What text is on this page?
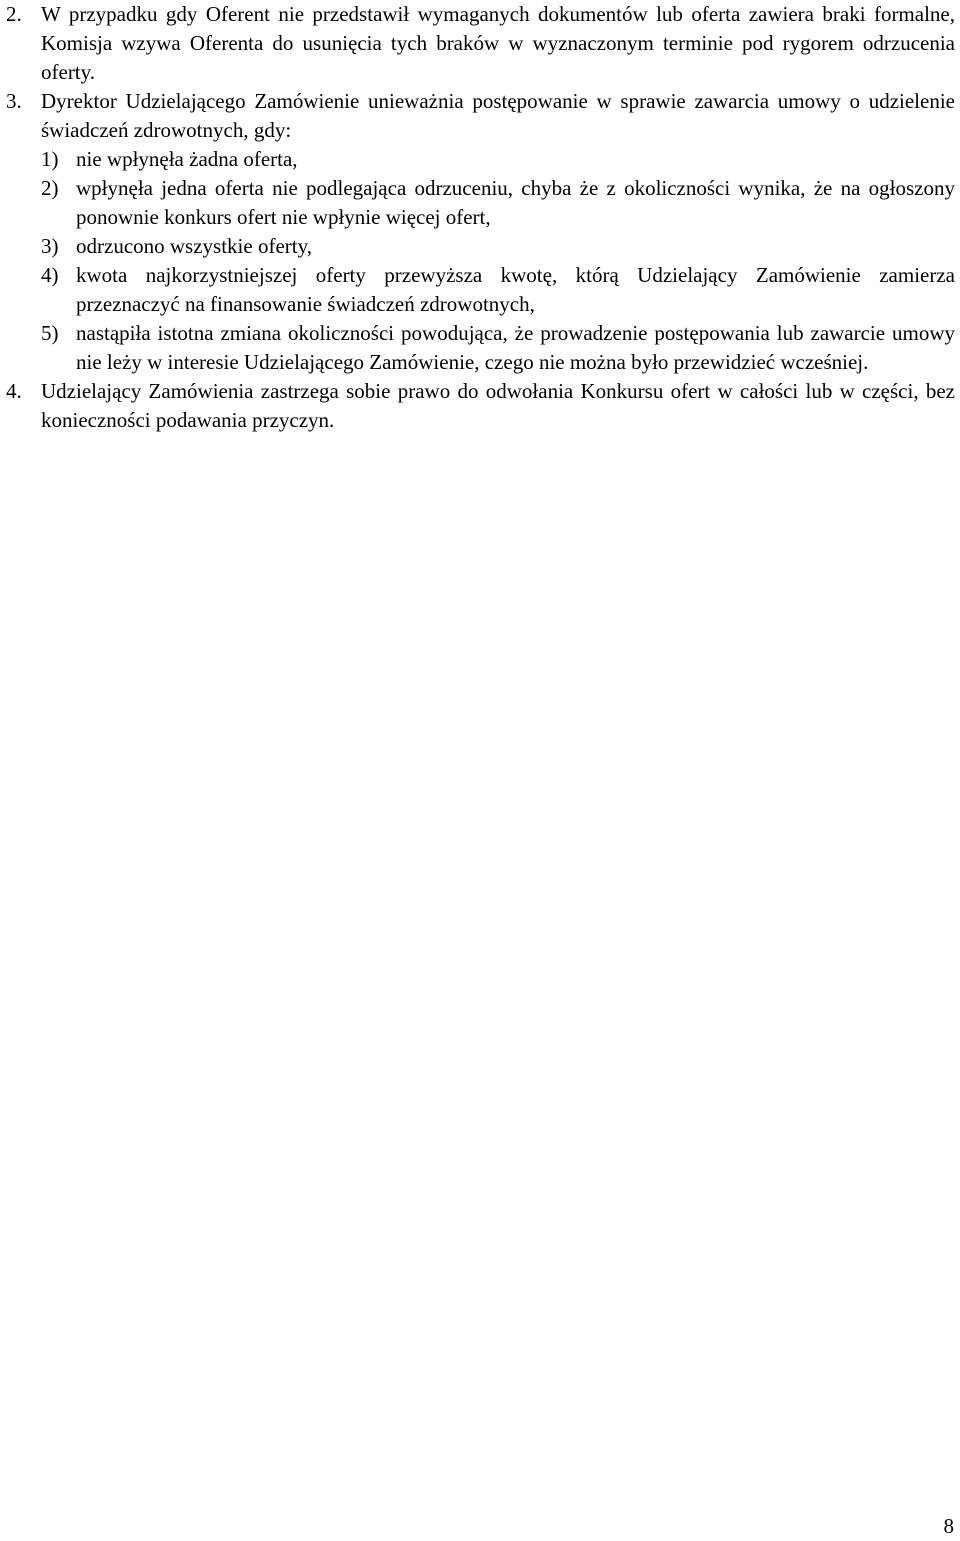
2. W przypadku gdy Oferent nie przedstawił wymaganych dokumentów lub oferta zawiera braki formalne, Komisja wzywa Oferenta do usunięcia tych braków w wyznaczonym terminie pod rygorem odrzucenia oferty.
3. Dyrektor Udzielającego Zamówienie unieważnia postępowanie w sprawie zawarcia umowy o udzielenie świadczeń zdrowotnych, gdy:
1) nie wpłynęła żadna oferta,
2) wpłynęła jedna oferta nie podlegająca odrzuceniu, chyba że z okoliczności wynika, że na ogłoszony ponownie konkurs ofert nie wpłynie więcej ofert,
3) odrzucono wszystkie oferty,
4) kwota najkorzystniejszej oferty przewyższa kwotę, którą Udzielający Zamówienie zamierza przeznaczyć na finansowanie świadczeń zdrowotnych,
5) nastąpiła istotna zmiana okoliczności powodująca, że prowadzenie postępowania lub zawarcie umowy nie leży w interesie Udzielającego Zamówienie, czego nie można było przewidzieć wcześniej.
4. Udzielający Zamówienia zastrzega sobie prawo do odwołania Konkursu ofert w całości lub w części, bez konieczności podawania przyczyn.
8
